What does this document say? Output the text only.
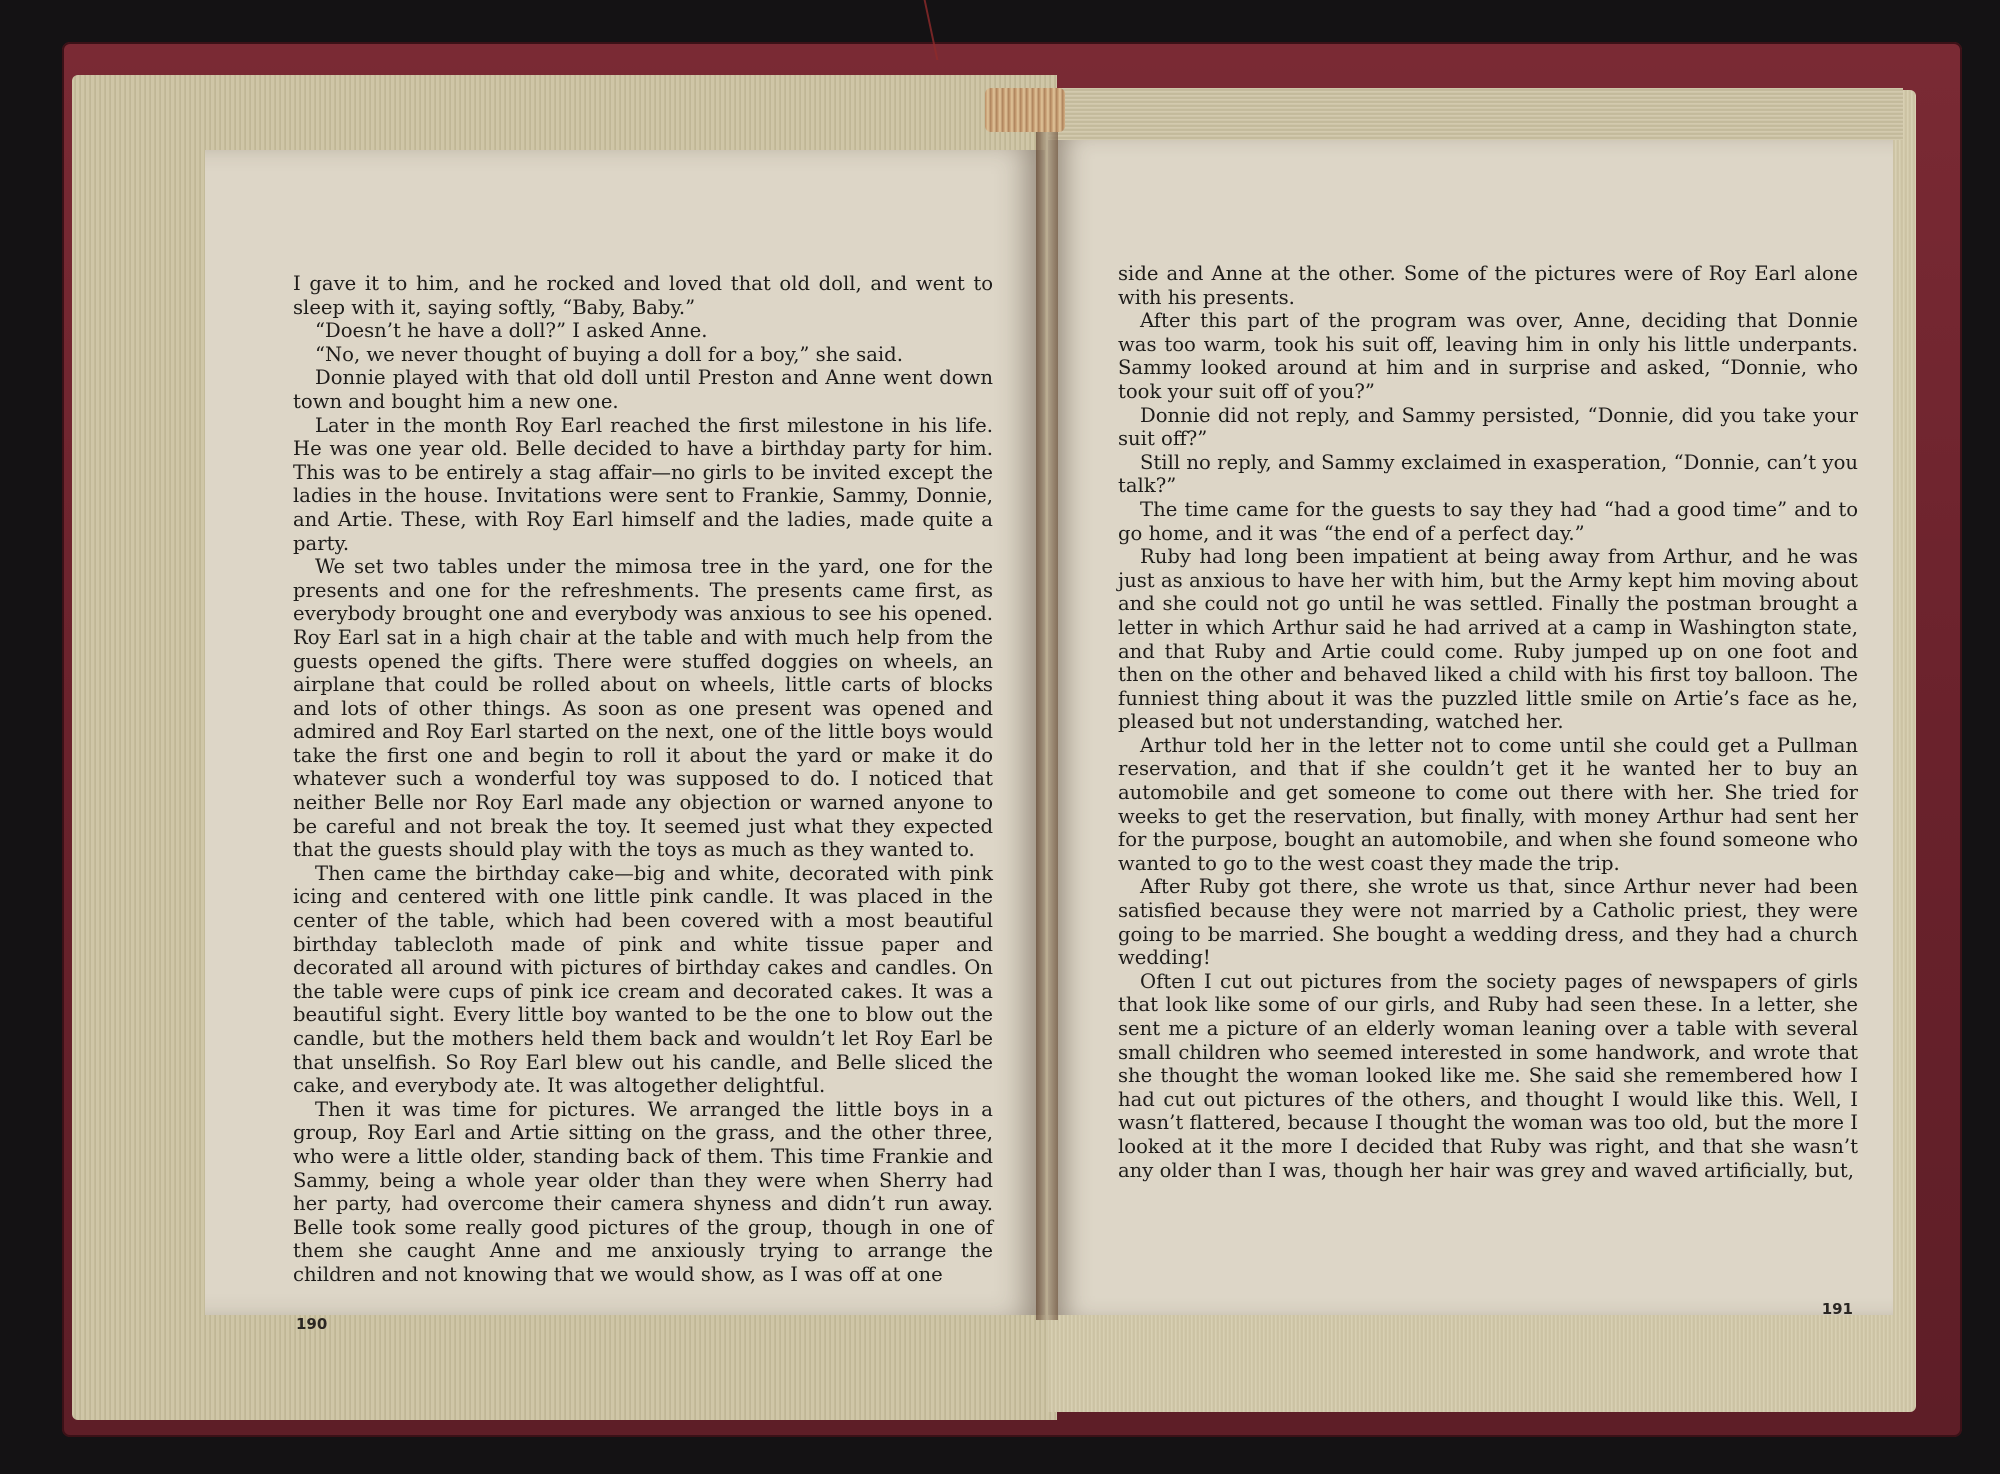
I gave it to him, and he rocked and loved that old doll, and went to sleep with it, saying softly, “Baby, Baby.”

“Doesn’t he have a doll?” I asked Anne.

“No, we never thought of buying a doll for a boy,” she said.

Donnie played with that old doll until Preston and Anne went down town and bought him a new one.

Later in the month Roy Earl reached the first milestone in his life. He was one year old. Belle decided to have a birthday party for him. This was to be entirely a stag affair—no girls to be invited except the ladies in the house. Invitations were sent to Frankie, Sammy, Donnie, and Artie. These, with Roy Earl himself and the ladies, made quite a party.

We set two tables under the mimosa tree in the yard, one for the presents and one for the refreshments. The presents came first, as everybody brought one and everybody was anxious to see his opened. Roy Earl sat in a high chair at the table and with much help from the guests opened the gifts. There were stuffed doggies on wheels, an airplane that could be rolled about on wheels, little carts of blocks and lots of other things. As soon as one present was opened and admired and Roy Earl started on the next, one of the little boys would take the first one and begin to roll it about the yard or make it do whatever such a wonderful toy was supposed to do. I noticed that neither Belle nor Roy Earl made any objection or warned anyone to be careful and not break the toy. It seemed just what they expected that the guests should play with the toys as much as they wanted to.

Then came the birthday cake—big and white, decorated with pink icing and centered with one little pink candle. It was placed in the center of the table, which had been covered with a most beautiful birthday tablecloth made of pink and white tissue paper and decorated all around with pictures of birthday cakes and candles. On the table were cups of pink ice cream and decorated cakes. It was a beautiful sight. Every little boy wanted to be the one to blow out the candle, but the mothers held them back and wouldn’t let Roy Earl be that unselfish. So Roy Earl blew out his candle, and Belle sliced the cake, and everybody ate. It was altogether delightful.

Then it was time for pictures. We arranged the little boys in a group, Roy Earl and Artie sitting on the grass, and the other three, who were a little older, standing back of them. This time Frankie and Sammy, being a whole year older than they were when Sherry had her party, had overcome their camera shyness and didn’t run away. Belle took some really good pictures of the group, though in one of them she caught Anne and me anxiously trying to arrange the children and not knowing that we would show, as I was off at one

190

side and Anne at the other. Some of the pictures were of Roy Earl alone with his presents.

After this part of the program was over, Anne, deciding that Donnie was too warm, took his suit off, leaving him in only his little underpants. Sammy looked around at him and in surprise and asked, “Donnie, who took your suit off of you?”

Donnie did not reply, and Sammy persisted, “Donnie, did you take your suit off?”

Still no reply, and Sammy exclaimed in exasperation, “Donnie, can’t you talk?”

The time came for the guests to say they had “had a good time” and to go home, and it was “the end of a perfect day.”

Ruby had long been impatient at being away from Arthur, and he was just as anxious to have her with him, but the Army kept him moving about and she could not go until he was settled. Finally the postman brought a letter in which Arthur said he had arrived at a camp in Washington state, and that Ruby and Artie could come. Ruby jumped up on one foot and then on the other and behaved liked a child with his first toy balloon. The funniest thing about it was the puzzled little smile on Artie’s face as he, pleased but not understanding, watched her.

Arthur told her in the letter not to come until she could get a Pullman reservation, and that if she couldn’t get it he wanted her to buy an automobile and get someone to come out there with her. She tried for weeks to get the reservation, but finally, with money Arthur had sent her for the purpose, bought an automobile, and when she found someone who wanted to go to the west coast they made the trip.

After Ruby got there, she wrote us that, since Arthur never had been satisfied because they were not married by a Catholic priest, they were going to be married. She bought a wedding dress, and they had a church wedding!

Often I cut out pictures from the society pages of newspapers of girls that look like some of our girls, and Ruby had seen these. In a letter, she sent me a picture of an elderly woman leaning over a table with several small children who seemed interested in some handwork, and wrote that she thought the woman looked like me. She said she remembered how I had cut out pictures of the others, and thought I would like this. Well, I wasn’t flattered, because I thought the woman was too old, but the more I looked at it the more I decided that Ruby was right, and that she wasn’t any older than I was, though her hair was grey and waved artificially, but,

191
